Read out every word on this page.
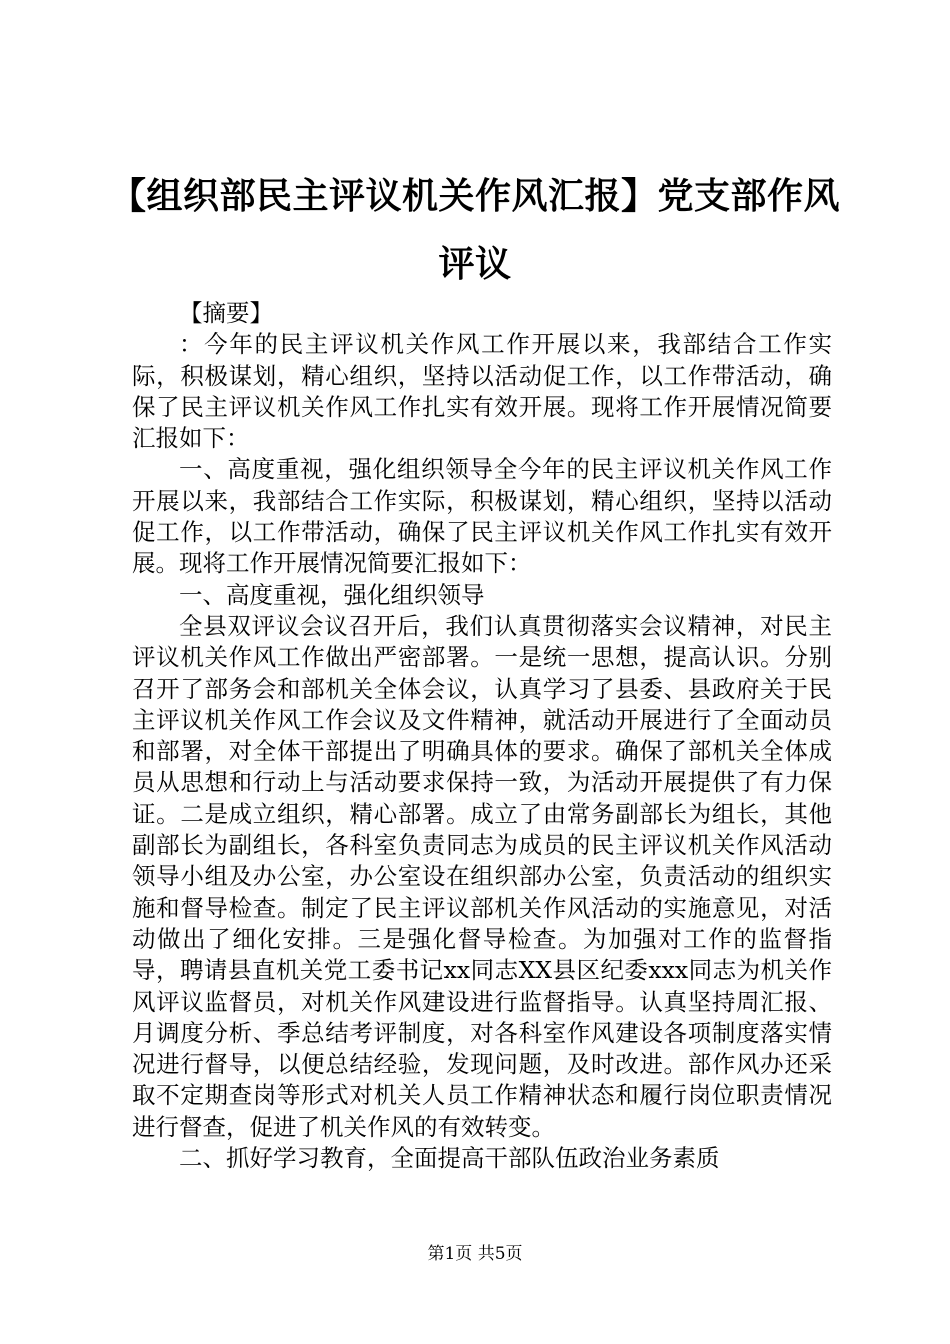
【组织部民主评议机关作风汇报】党支部作风评议

【摘要】

：今年的民主评议机关作风工作开展以来，我部结合工作实际，积极谋划，精心组织，坚持以活动促工作，以工作带活动，确保了民主评议机关作风工作扎实有效开展。现将工作开展情况简要汇报如下：

一、高度重视，强化组织领导全今年的民主评议机关作风工作开展以来，我部结合工作实际，积极谋划，精心组织，坚持以活动促工作，以工作带活动，确保了民主评议机关作风工作扎实有效开展。现将工作开展情况简要汇报如下：

一、高度重视，强化组织领导

全县双评议会议召开后，我们认真贯彻落实会议精神，对民主评议机关作风工作做出严密部署。一是统一思想，提高认识。分别召开了部务会和部机关全体会议，认真学习了县委、县政府关于民主评议机关作风工作会议及文件精神，就活动开展进行了全面动员和部署，对全体干部提出了明确具体的要求。确保了部机关全体成员从思想和行动上与活动要求保持一致，为活动开展提供了有力保证。二是成立组织，精心部署。成立了由常务副部长为组长，其他副部长为副组长，各科室负责同志为成员的民主评议机关作风活动领导小组及办公室，办公室设在组织部办公室，负责活动的组织实施和督导检查。制定了民主评议部机关作风活动的实施意见，对活动做出了细化安排。三是强化督导检查。为加强对工作的监督指导，聘请县直机关党工委书记xx同志XX县区纪委xxx同志为机关作风评议监督员，对机关作风建设进行监督指导。认真坚持周汇报、月调度分析、季总结考评制度，对各科室作风建设各项制度落实情况进行督导，以便总结经验，发现问题，及时改进。部作风办还采取不定期查岗等形式对机关人员工作精神状态和履行岗位职责情况进行督查，促进了机关作风的有效转变。

二、抓好学习教育，全面提高干部队伍政治业务素质

第1页 共5页
